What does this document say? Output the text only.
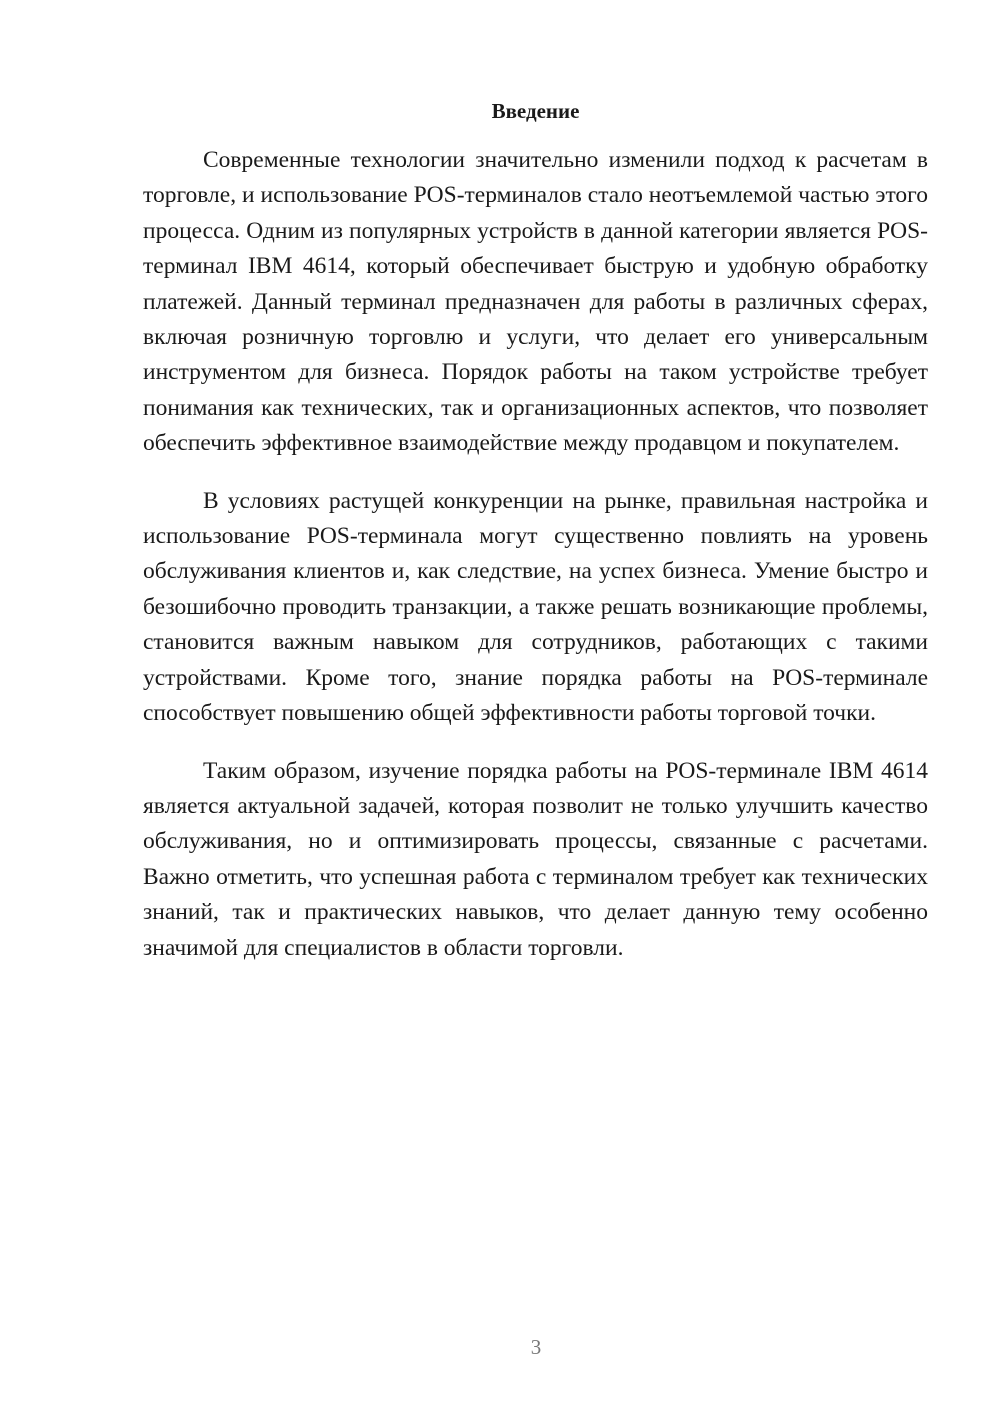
Введение

Современные технологии значительно изменили подход к расчетам в торговле, и использование POS-терминалов стало неотъемлемой частью этого процесса. Одним из популярных устройств в данной категории является POS-терминал IBM 4614, который обеспечивает быструю и удобную обработку платежей. Данный терминал предназначен для работы в различных сферах, включая розничную торговлю и услуги, что делает его универсальным инструментом для бизнеса. Порядок работы на таком устройстве требует понимания как технических, так и организационных аспектов, что позволяет обеспечить эффективное взаимодействие между продавцом и покупателем.

В условиях растущей конкуренции на рынке, правильная настройка и использование POS-терминала могут существенно повлиять на уровень обслуживания клиентов и, как следствие, на успех бизнеса. Умение быстро и безошибочно проводить транзакции, а также решать возникающие проблемы, становится важным навыком для сотрудников, работающих с такими устройствами. Кроме того, знание порядка работы на POS-терминале способствует повышению общей эффективности работы торговой точки.

Таким образом, изучение порядка работы на POS-терминале IBM 4614 является актуальной задачей, которая позволит не только улучшить качество обслуживания, но и оптимизировать процессы, связанные с расчетами. Важно отметить, что успешная работа с терминалом требует как технических знаний, так и практических навыков, что делает данную тему особенно значимой для специалистов в области торговли.

3
